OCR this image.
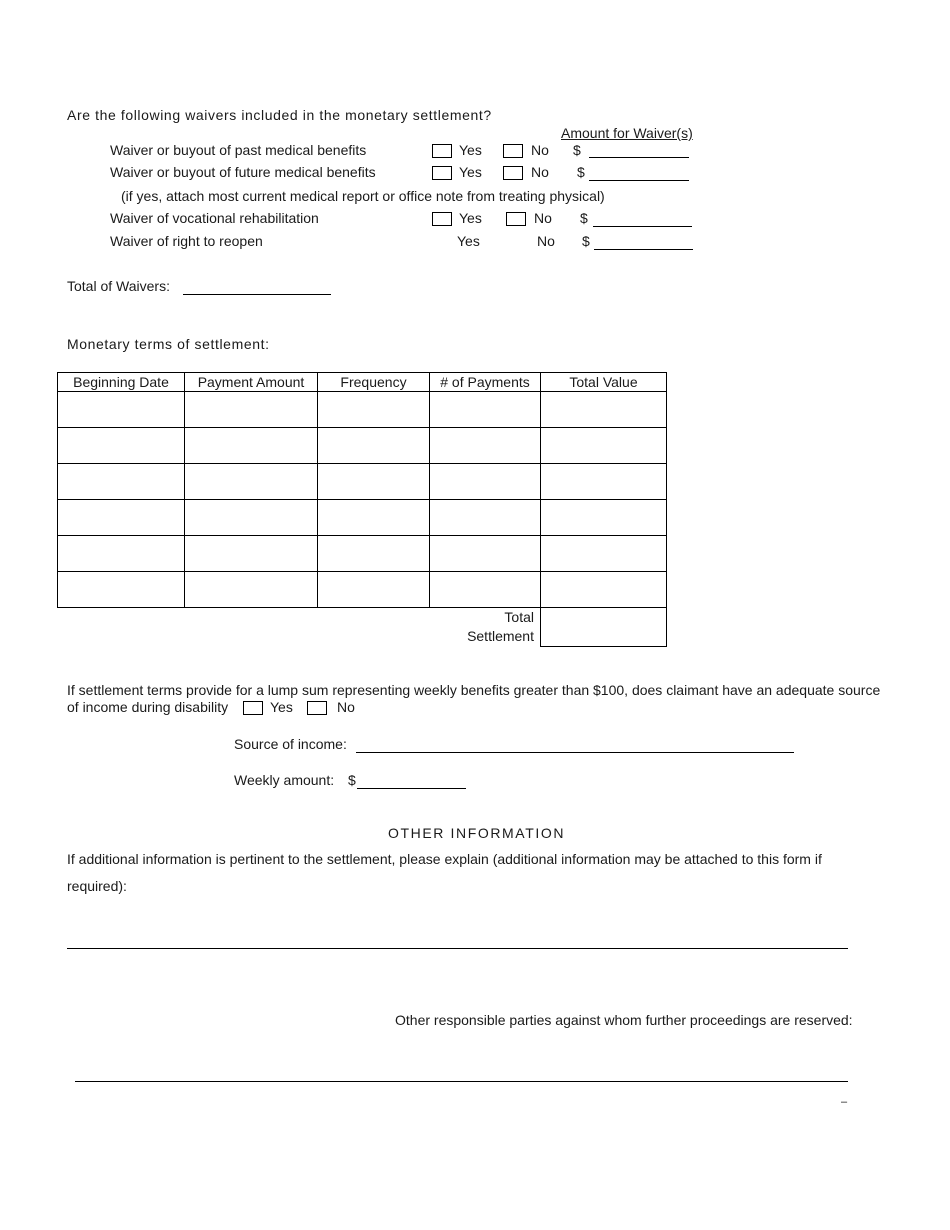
Are the following waivers included in the monetary settlement?
Amount for Waiver(s)
Waiver or buyout of past medical benefits	Yes	No $
Waiver or buyout of future medical benefits	Yes	No $
(if yes, attach most current medical report or office note from treating physical)
Waiver of vocational rehabilitation	Yes	No $
Waiver of right to reopen	Yes	No $
Total of Waivers:
Monetary terms of settlement:
Beginning Date	Payment Amount	Frequency	# of Payments	Total Value

Total
Settlement				

If settlement terms provide for a lump sum representing weekly benefits greater than $100, does claimant have an adequate source
of income during disability	Yes	No
Source of income:
Weekly amount: $
OTHER INFORMATION
If additional information is pertinent to the settlement, please explain (additional information may be attached to this form if
required):
Other responsible parties against whom further proceedings are reserved:
–
